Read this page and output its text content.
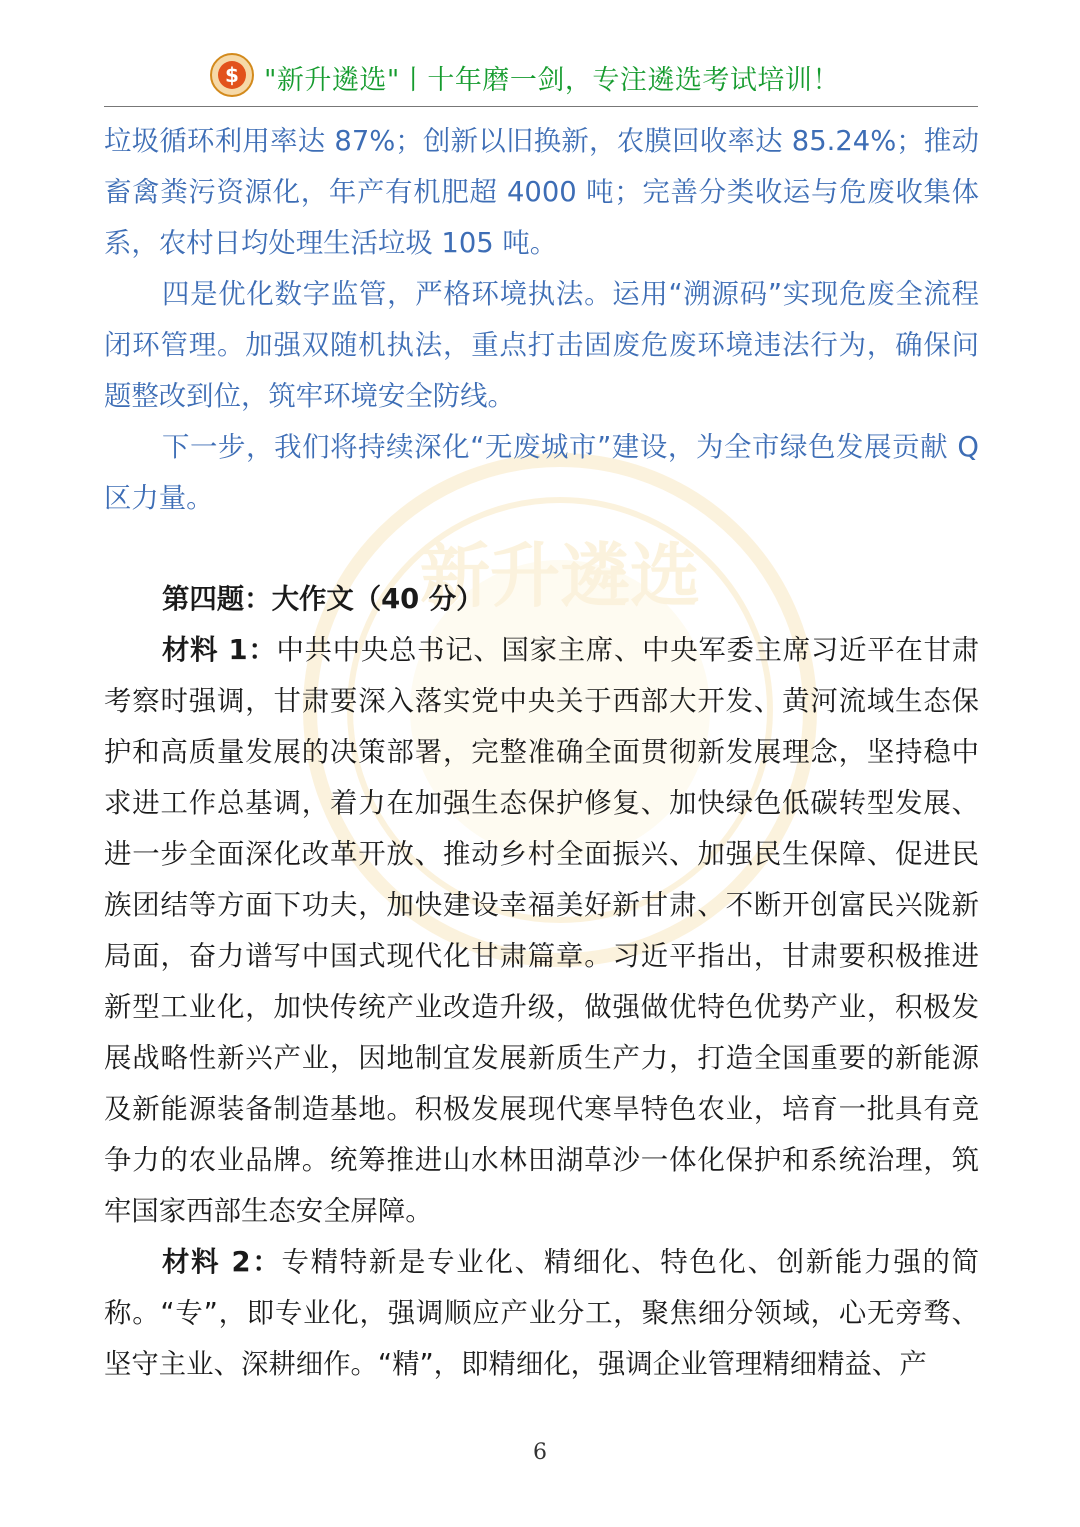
新升遴选
$ "新升遴选"丨十年磨一剑，专注遴选考试培训！

垃圾循环利用率达 87%；创新以旧换新，农膜回收率达 85.24%；推动畜禽粪污资源化，年产有机肥超 4000 吨；完善分类收运与危废收集体系，农村日均处理生活垃圾 105 吨。

四是优化数字监管，严格环境执法。运用“溯源码”实现危废全流程闭环管理。加强双随机执法，重点打击固废危废环境违法行为，确保问题整改到位，筑牢环境安全防线。

下一步，我们将持续深化“无废城市”建设，为全市绿色发展贡献 Q 区力量。

第四题：大作文（40 分）

材料 1：中共中央总书记、国家主席、中央军委主席习近平在甘肃考察时强调，甘肃要深入落实党中央关于西部大开发、黄河流域生态保护和高质量发展的决策部署，完整准确全面贯彻新发展理念，坚持稳中求进工作总基调，着力在加强生态保护修复、加快绿色低碳转型发展、进一步全面深化改革开放、推动乡村全面振兴、加强民生保障、促进民族团结等方面下功夫，加快建设幸福美好新甘肃、不断开创富民兴陇新局面，奋力谱写中国式现代化甘肃篇章。习近平指出，甘肃要积极推进新型工业化，加快传统产业改造升级，做强做优特色优势产业，积极发展战略性新兴产业，因地制宜发展新质生产力，打造全国重要的新能源及新能源装备制造基地。积极发展现代寒旱特色农业，培育一批具有竞争力的农业品牌。统筹推进山水林田湖草沙一体化保护和系统治理，筑牢国家西部生态安全屏障。

材料 2：专精特新是专业化、精细化、特色化、创新能力强的简称。“专”，即专业化，强调顺应产业分工，聚焦细分领域，心无旁骛、坚守主业、深耕细作。“精”，即精细化，强调企业管理精细精益、产

6
